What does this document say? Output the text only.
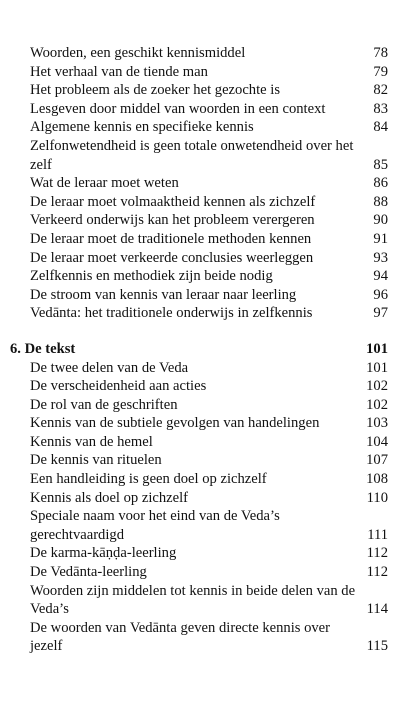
Woorden, een geschikt kennismiddel	78
Het verhaal van de tiende man	79
Het probleem als de zoeker het gezochte is	82
Lesgeven door middel van woorden in een context	83
Algemene kennis en specifieke kennis	84
Zelfonwetendheid is geen totale onwetendheid over het zelf	85
Wat de leraar moet weten	86
De leraar moet volmaaktheid kennen als zichzelf	88
Verkeerd onderwijs kan het probleem verergeren	90
De leraar moet de traditionele methoden kennen	91
De leraar moet verkeerde conclusies weerleggen	93
Zelfkennis en methodiek zijn beide nodig	94
De stroom van kennis van leraar naar leerling	96
Vedānta: het traditionele onderwijs in zelfkennis	97
6. De tekst	101
De twee delen van de Veda	101
De verscheidenheid aan acties	102
De rol van de geschriften	102
Kennis van de subtiele gevolgen van handelingen	103
Kennis van de hemel	104
De kennis van rituelen	107
Een handleiding is geen doel op zichzelf	108
Kennis als doel op zichzelf	110
Speciale naam voor het eind van de Veda’s gerechtvaardigd	111
De karma-kāṇḍa-leerling	112
De Vedānta-leerling	112
Woorden zijn middelen tot kennis in beide delen van de Veda’s	114
De woorden van Vedānta geven directe kennis over jezelf	115
